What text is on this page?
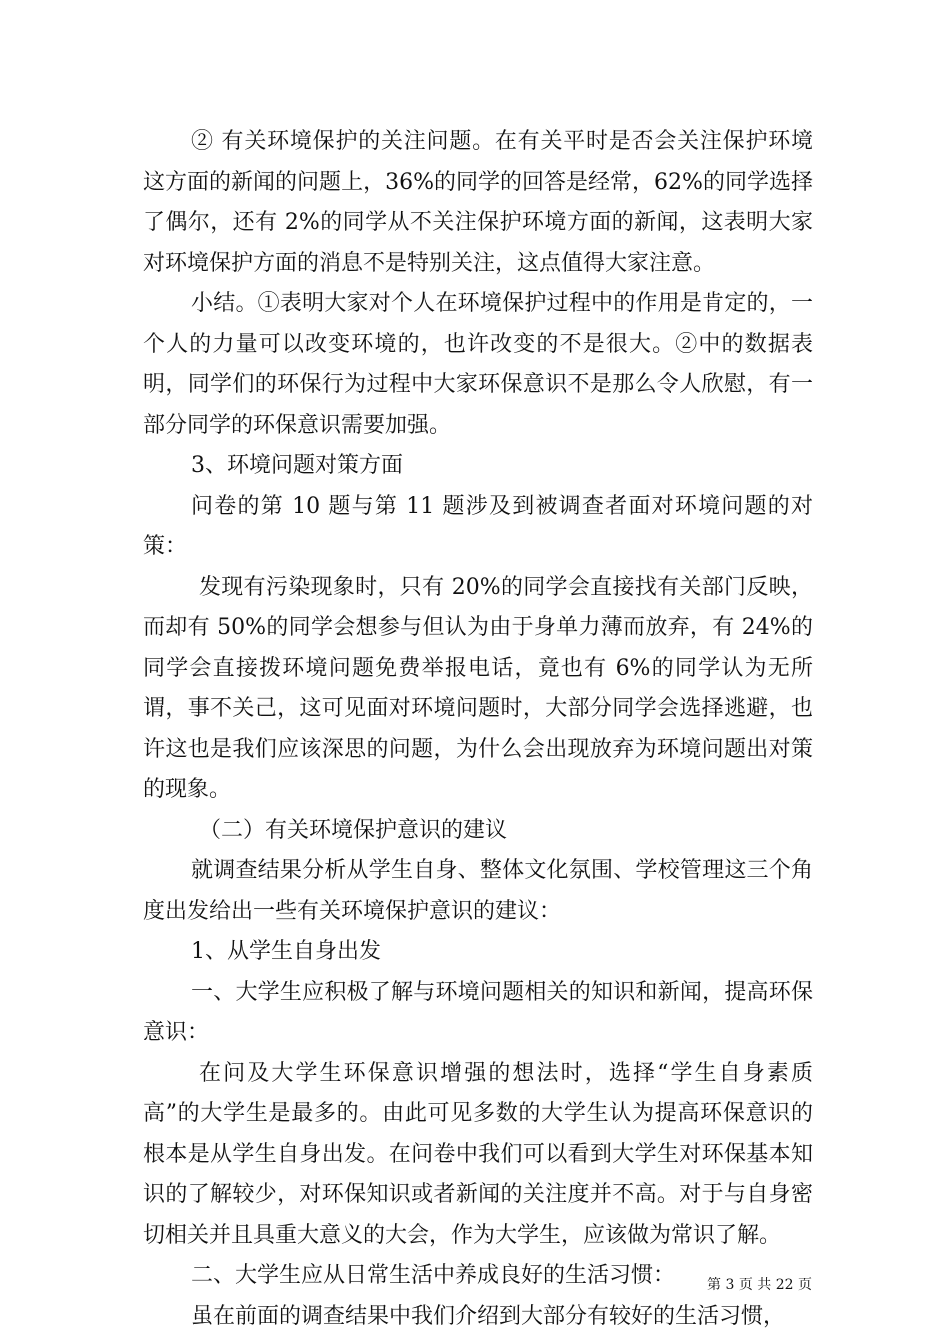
② 有关环境保护的关注问题。在有关平时是否会关注保护环境这方面的新闻的问题上，36%的同学的回答是经常，62%的同学选择了偶尔，还有 2%的同学从不关注保护环境方面的新闻，这表明大家对环境保护方面的消息不是特别关注，这点值得大家注意。

小结。①表明大家对个人在环境保护过程中的作用是肯定的，一个人的力量可以改变环境的，也许改变的不是很大。②中的数据表明，同学们的环保行为过程中大家环保意识不是那么令人欣慰，有一部分同学的环保意识需要加强。

3、环境问题对策方面

问卷的第 10 题与第 11 题涉及到被调查者面对环境问题的对策：

发现有污染现象时，只有 20%的同学会直接找有关部门反映，而却有 50%的同学会想参与但认为由于身单力薄而放弃，有 24%的同学会直接拨环境问题免费举报电话，竟也有 6%的同学认为无所谓，事不关己，这可见面对环境问题时，大部分同学会选择逃避，也许这也是我们应该深思的问题，为什么会出现放弃为环境问题出对策的现象。

（二）有关环境保护意识的建议

就调查结果分析从学生自身、整体文化氛围、学校管理这三个角度出发给出一些有关环境保护意识的建议：

1、从学生自身出发

一、大学生应积极了解与环境问题相关的知识和新闻，提高环保意识：

在问及大学生环保意识增强的想法时，选择“学生自身素质高”的大学生是最多的。由此可见多数的大学生认为提高环保意识的根本是从学生自身出发。在问卷中我们可以看到大学生对环保基本知识的了解较少，对环保知识或者新闻的关注度并不高。对于与自身密切相关并且具重大意义的大会，作为大学生，应该做为常识了解。

二、大学生应从日常生活中养成良好的生活习惯：

虽在前面的调查结果中我们介绍到大部分有较好的生活习惯，

第 3 页 共 22 页
